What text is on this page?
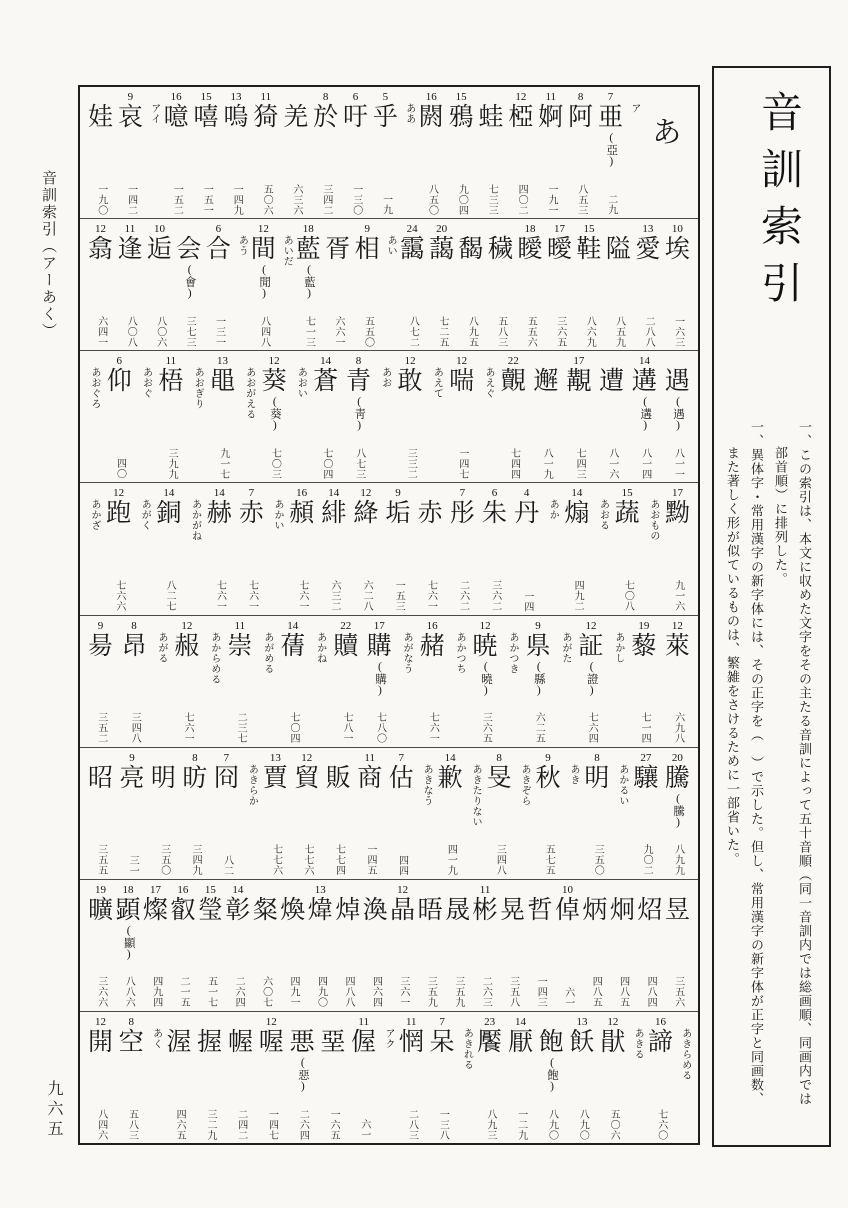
音訓索引（アーあく）
九六五
あ
ア
7
亜
(亞)
二九
8
阿
八五三
11
婀
一九一
12
椏
四〇二
蛙
七三三
15
鴉
九〇四
16
閼
八五〇
ああ
5
乎
一九
6
吁
一三〇
8
於
三四二
羌
六三六
11
猗
五〇六
13
嗚
一四九
15
嘻
一五一
16
噫
一五二
アイ
9
哀
一四二
娃
一九〇
10
埃
一六三
13
愛
二八八
隘
八五九
15
鞋
八六九
17
曖
三六五
18
瞹
五五六
穢
五八三
馤
八九五
20
藹
七二五
24
靄
八七二
あい
9
相
五五〇
胥
六六一
18
藍
(藍)
七一三
あいだ
12
間
(閒)
八四八
あう
6
合
一三一
会
(會)
三七三
10
逅
八〇六
11
逢
八〇八
12
翕
六四一
遇
(遇)
八一一
14
遘
(遘)
八一四
遭
八一六
17
覯
七四三
邂
八一九
22
覿
七四四
あえぐ
12
喘
一四七
あえて
12
敢
三三二
あお
8
青
(靑)
八七三
14
蒼
七〇四
あおい
12
葵
(葵)
七〇三
あおがえる
13
黽
九一七
あおぎり
11
梧
三九九
あおぐ
6
仰
四〇
あおぐろ
17
黝
九一六
あおもの
15
蔬
七〇八
あおる
14
煽
四九二
あか
4
丹
一四
6
朱
三六二
7
彤
二六二
赤
七六一
9
垢
一五三
12
絳
六二八
14
緋
六三二
16
頳
七六一
あかい
7
赤
七六一
14
赫
七六一
あかがね
14
銅
八二七
あがく
12
跑
七六六
あかざ
12
萊
六九八
19
藜
七一四
あかし
12
証
(證)
七六四
あがた
9
県
(縣)
六二五
あかつき
12
暁
(曉)
三六五
あかつち
16
赭
七六一
あがなう
17
購
(購)
七八〇
22
贖
七八一
あかね
14
蒨
七〇四
あがめる
11
崇
二三七
あからめる
12
赧
七六一
あがる
8
昂
三四八
9
昜
三五二
20
騰
(騰)
八九九
27
驤
九〇二
あかるい
8
明
三五〇
あき
9
秋
五七五
あきぞら
8
旻
三四八
あきたりない
14
歉
四一九
あきなう
7
估
四四
11
商
一四五
販
七七四
12
貿
七七六
13
賈
七七六
あきらか
7
冏
八二
8
昉
三四九
明
三五〇
9
亮
三一
昭
三五五
昱
三五六
炤
四八四
炯
四八五
炳
四八五
10
倬
六一
哲
一四三
晃
三五八
11
彬
二六三
晟
三五九
晤
三五九
12
晶
三六一
渙
四六四
焯
四八八
13
煒
四九〇
煥
四九一
粲
六〇七
14
彰
二六四
15
瑩
五一七
16
叡
二一五
17
燦
四九四
18
顕
(顯)
八八六
19
曠
三六六
あきらめる
16
諦
七六〇
あきる
12
猒
五〇六
13
飫
八九〇
飽
(飽)
八九〇
14
厭
一二九
23
饜
八九三
あきれる
7
呆
一三八
11
惘
二八三
アク
11
偓
六一
堊
一六五
悪
(惡)
二六四
12
喔
一四七
幄
二四二
握
三二九
渥
四六五
あく
8
空
五八三
12
開
八四六
音訓索引
一、この索引は、本文に収めた文字をその主たる音訓によって五十音順（同一音訓内では総画順、同画内では
部首順）に排列した。
一、異体字・常用漢字の新字体には、その正字を（　）で示した。但し、常用漢字の新字体が正字と同画数、
また著しく形が似ているものは、繁雑をさけるために一部省いた。
